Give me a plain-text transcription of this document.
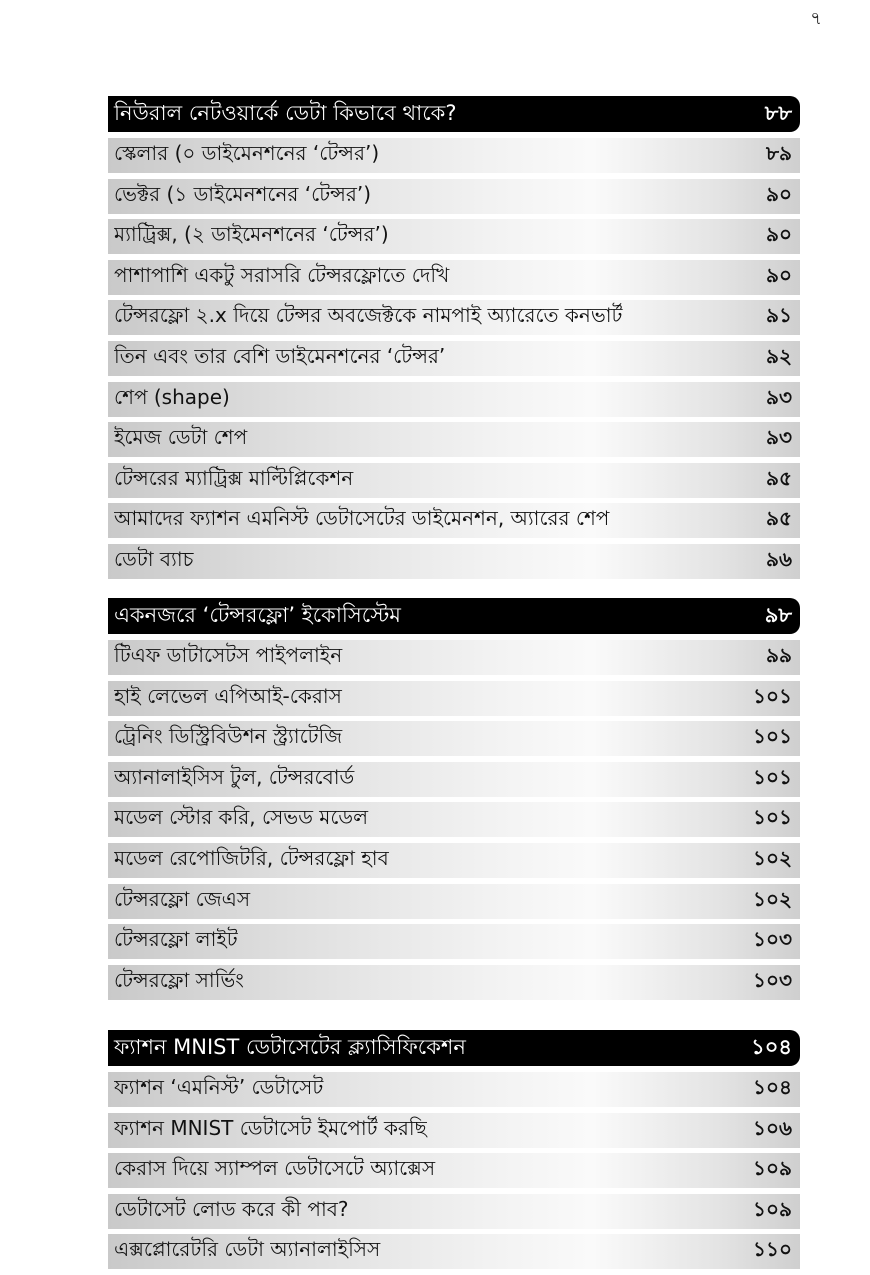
৭
নিউরাল নেটওয়ার্কে ডেটা কিভাবে থাকে?	৮৮
স্কেলার (০ ডাইমেনশনের ‘টেন্সর’)	৮৯
ভেক্টর (১ ডাইমেনশনের ‘টেন্সর’)	৯০
ম্যাট্রিক্স, (২ ডাইমেনশনের ‘টেন্সর’)	৯০
পাশাপাশি একটু সরাসরি টেন্সরফ্লোতে দেখি	৯০
টেন্সরফ্লো ২.x দিয়ে টেন্সর অবজেক্টকে নামপাই অ্যারেতে কনভার্ট	৯১
তিন এবং তার বেশি ডাইমেনশনের ‘টেন্সর’	৯২
শেপ (shape)	৯৩
ইমেজ ডেটা শেপ	৯৩
টেন্সরের ম্যাট্রিক্স মাল্টিপ্লিকেশন	৯৫
আমাদের ফ্যাশন এমনিস্ট ডেটাসেটের ডাইমেনশন, অ্যারের শেপ	৯৫
ডেটা ব্যাচ	৯৬
একনজরে ‘টেন্সরফ্লো’ ইকোসিস্টেম	৯৮
টিএফ ডাটাসেটস পাইপলাইন	৯৯
হাই লেভেল এপিআই-কেরাস	১০১
ট্রেনিং ডিস্ট্রিবিউশন স্ট্র্যাটেজি	১০১
অ্যানালাইসিস টুল, টেন্সরবোর্ড	১০১
মডেল স্টোর করি, সেভড মডেল	১০১
মডেল রেপোজিটরি, টেন্সরফ্লো হাব	১০২
টেন্সরফ্লো জেএস	১০২
টেন্সরফ্লো লাইট	১০৩
টেন্সরফ্লো সার্ভিং	১০৩
ফ্যাশন MNIST ডেটাসেটের ক্ল্যাসিফিকেশন	১০৪
ফ্যাশন ‘এমনিস্ট’ ডেটাসেট	১০৪
ফ্যাশন MNIST ডেটাসেট ইমপোর্ট করছি	১০৬
কেরাস দিয়ে স্যাম্পল ডেটাসেটে অ্যাক্সেস	১০৯
ডেটাসেট লোড করে কী পাব?	১০৯
এক্সপ্লোরেটরি ডেটা অ্যানালাইসিস	১১০
